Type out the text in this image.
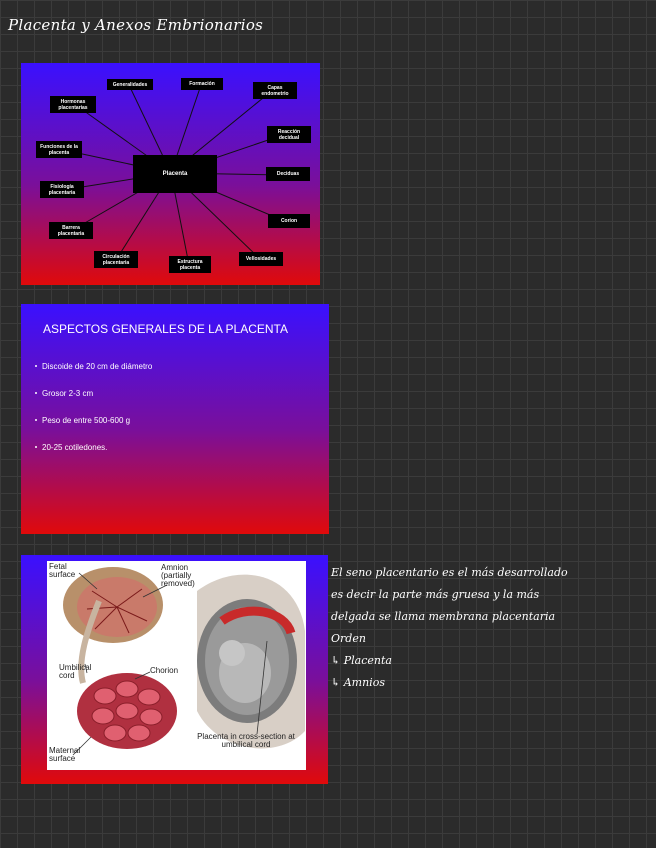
Placenta y Anexos Embrionarios
Placenta
Generalidades	Formación
Capas endometrio
Hormonas placentarias
Reacción decidual
Funciones de la placenta
Deciduas
Fisiología placentaria
Corion
Barrera placentaria
Vellosidades
Circulación placentaria	Estructura placenta
ASPECTOS GENERALES DE LA PLACENTA
Discoide de 20 cm de diámetro
Grosor 2-3 cm
Peso de entre 500-600 g
20-25 cotiledones.
Fetal surface
Amnion (partially removed)
Umbilical cord
Chorion
Placenta in cross-section at umbilical cord
Maternal surface
El seno placentario es el más desarrollado
es decir la parte más gruesa y la más
delgada se llama membrana placentaria
Orden
↳ Placenta
↳ Amnios
